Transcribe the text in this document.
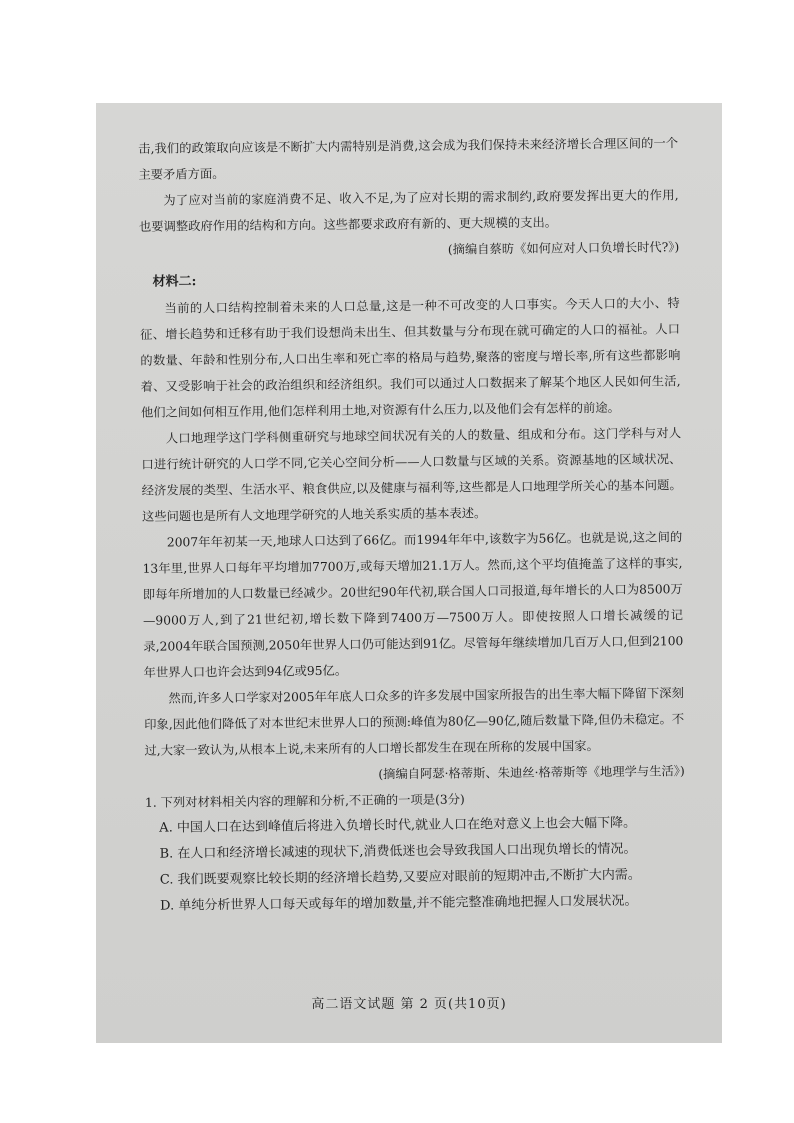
击,我们的政策取向应该是不断扩大内需特别是消费,这会成为我们保持未来经济增长合理区间的一个主要矛盾方面。

为了应对当前的家庭消费不足、收入不足,为了应对长期的需求制约,政府要发挥出更大的作用,也要调整政府作用的结构和方向。这些都要求政府有新的、更大规模的支出。

(摘编自蔡昉《如何应对人口负增长时代?》)

材料二:

当前的人口结构控制着未来的人口总量,这是一种不可改变的人口事实。今天人口的大小、特征、增长趋势和迁移有助于我们设想尚未出生、但其数量与分布现在就可确定的人口的福祉。人口的数量、年龄和性别分布,人口出生率和死亡率的格局与趋势,聚落的密度与增长率,所有这些都影响着、又受影响于社会的政治组织和经济组织。我们可以通过人口数据来了解某个地区人民如何生活,他们之间如何相互作用,他们怎样利用土地,对资源有什么压力,以及他们会有怎样的前途。

人口地理学这门学科侧重研究与地球空间状况有关的人的数量、组成和分布。这门学科与对人口进行统计研究的人口学不同,它关心空间分析——人口数量与区域的关系。资源基地的区域状况、经济发展的类型、生活水平、粮食供应,以及健康与福利等,这些都是人口地理学所关心的基本问题。这些问题也是所有人文地理学研究的人地关系实质的基本表述。

2007年年初某一天,地球人口达到了66亿。而1994年年中,该数字为56亿。也就是说,这之间的13年里,世界人口每年平均增加7700万,或每天增加21.1万人。然而,这个平均值掩盖了这样的事实,即每年所增加的人口数量已经减少。20世纪90年代初,联合国人口司报道,每年增长的人口为8500万—9000万人,到了21世纪初,增长数下降到7400万—7500万人。即使按照人口增长减缓的记录,2004年联合国预测,2050年世界人口仍可能达到91亿。尽管每年继续增加几百万人口,但到2100年世界人口也许会达到94亿或95亿。

然而,许多人口学家对2005年年底人口众多的许多发展中国家所报告的出生率大幅下降留下深刻印象,因此他们降低了对本世纪末世界人口的预测:峰值为80亿—90亿,随后数量下降,但仍未稳定。不过,大家一致认为,从根本上说,未来所有的人口增长都发生在现在所称的发展中国家。

(摘编自阿瑟·格蒂斯、朱迪丝·格蒂斯等《地理学与生活》)

1. 下列对材料相关内容的理解和分析,不正确的一项是(3分)

A. 中国人口在达到峰值后将进入负增长时代,就业人口在绝对意义上也会大幅下降。

B. 在人口和经济增长减速的现状下,消费低迷也会导致我国人口出现负增长的情况。

C. 我们既要观察比较长期的经济增长趋势,又要应对眼前的短期冲击,不断扩大内需。

D. 单纯分析世界人口每天或每年的增加数量,并不能完整准确地把握人口发展状况。

高二语文试题 第 2 页(共10页)
